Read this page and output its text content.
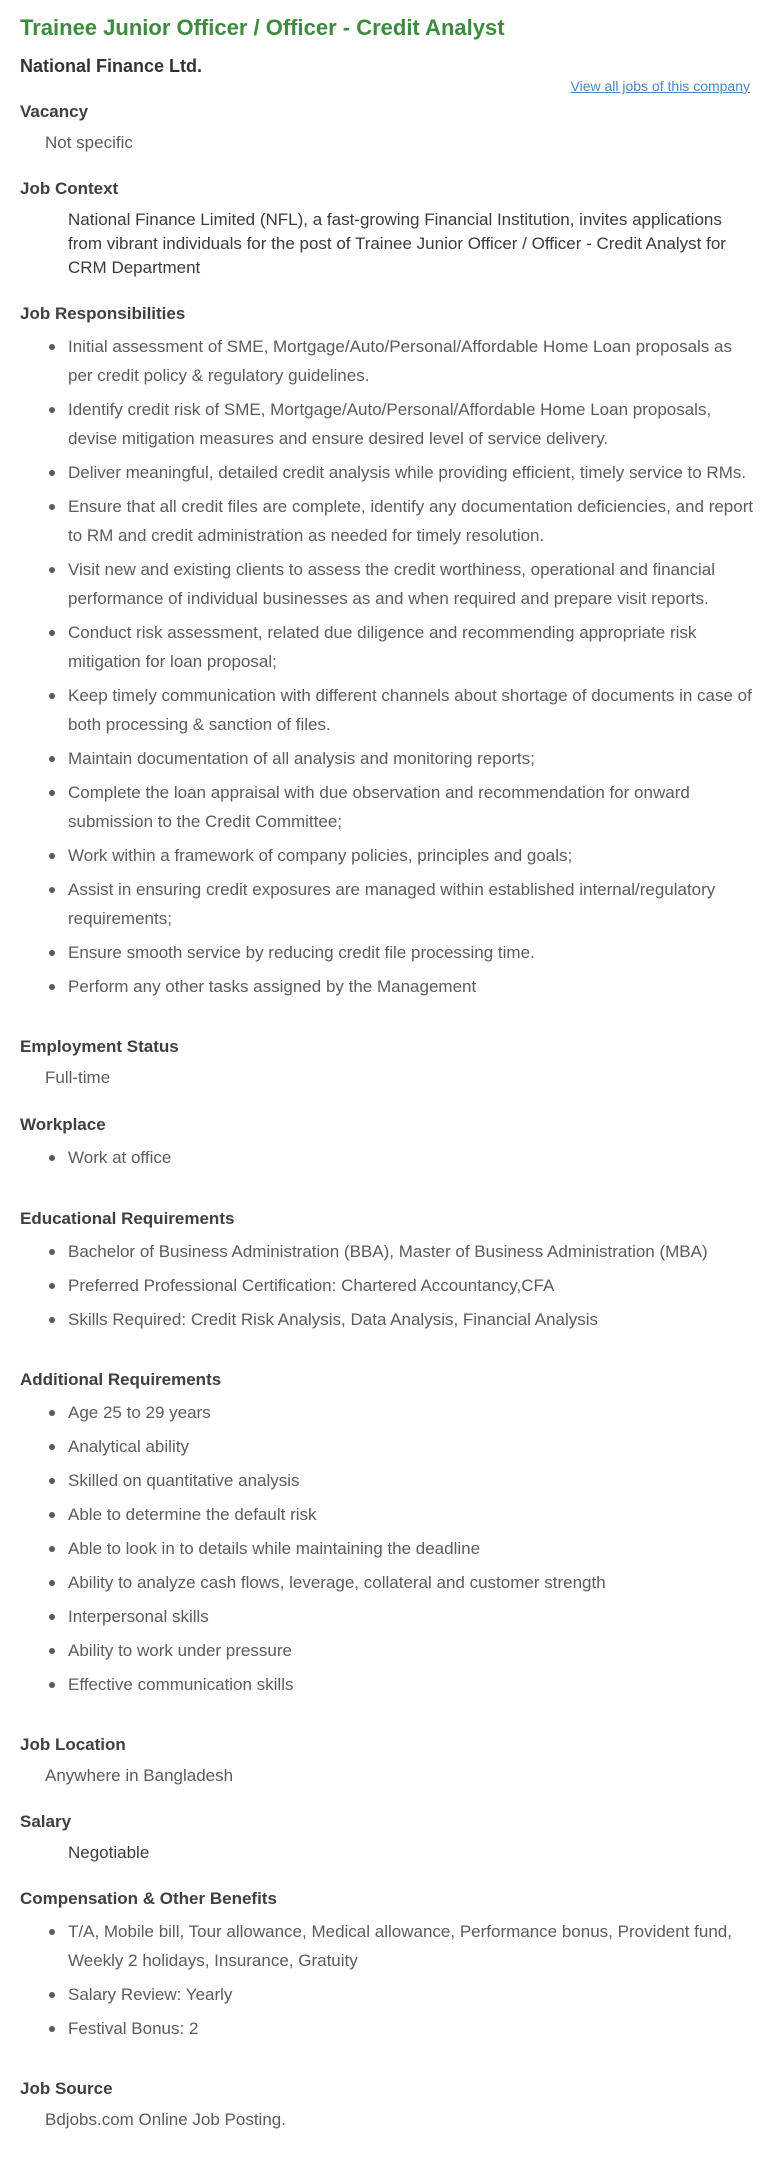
Trainee Junior Officer / Officer - Credit Analyst
National Finance Ltd.
View all jobs of this company
Vacancy
Not specific
Job Context
National Finance Limited (NFL), a fast-growing Financial Institution, invites applications from vibrant individuals for the post of Trainee Junior Officer / Officer - Credit Analyst for CRM Department
Job Responsibilities
Initial assessment of SME, Mortgage/Auto/Personal/Affordable Home Loan proposals as per credit policy & regulatory guidelines.
Identify credit risk of SME, Mortgage/Auto/Personal/Affordable Home Loan proposals, devise mitigation measures and ensure desired level of service delivery.
Deliver meaningful, detailed credit analysis while providing efficient, timely service to RMs.
Ensure that all credit files are complete, identify any documentation deficiencies, and report to RM and credit administration as needed for timely resolution.
Visit new and existing clients to assess the credit worthiness, operational and financial performance of individual businesses as and when required and prepare visit reports.
Conduct risk assessment, related due diligence and recommending appropriate risk mitigation for loan proposal;
Keep timely communication with different channels about shortage of documents in case of both processing & sanction of files.
Maintain documentation of all analysis and monitoring reports;
Complete the loan appraisal with due observation and recommendation for onward submission to the Credit Committee;
Work within a framework of company policies, principles and goals;
Assist in ensuring credit exposures are managed within established internal/regulatory requirements;
Ensure smooth service by reducing credit file processing time.
Perform any other tasks assigned by the Management
Employment Status
Full-time
Workplace
Work at office
Educational Requirements
Bachelor of Business Administration (BBA), Master of Business Administration (MBA)
Preferred Professional Certification: Chartered Accountancy,CFA
Skills Required: Credit Risk Analysis, Data Analysis, Financial Analysis
Additional Requirements
Age 25 to 29 years
Analytical ability
Skilled on quantitative analysis
Able to determine the default risk
Able to look in to details while maintaining the deadline
Ability to analyze cash flows, leverage, collateral and customer strength
Interpersonal skills
Ability to work under pressure
Effective communication skills
Job Location
Anywhere in Bangladesh
Salary
Negotiable
Compensation & Other Benefits
T/A, Mobile bill, Tour allowance, Medical allowance, Performance bonus, Provident fund, Weekly 2 holidays, Insurance, Gratuity
Salary Review: Yearly
Festival Bonus: 2
Job Source
Bdjobs.com Online Job Posting.
